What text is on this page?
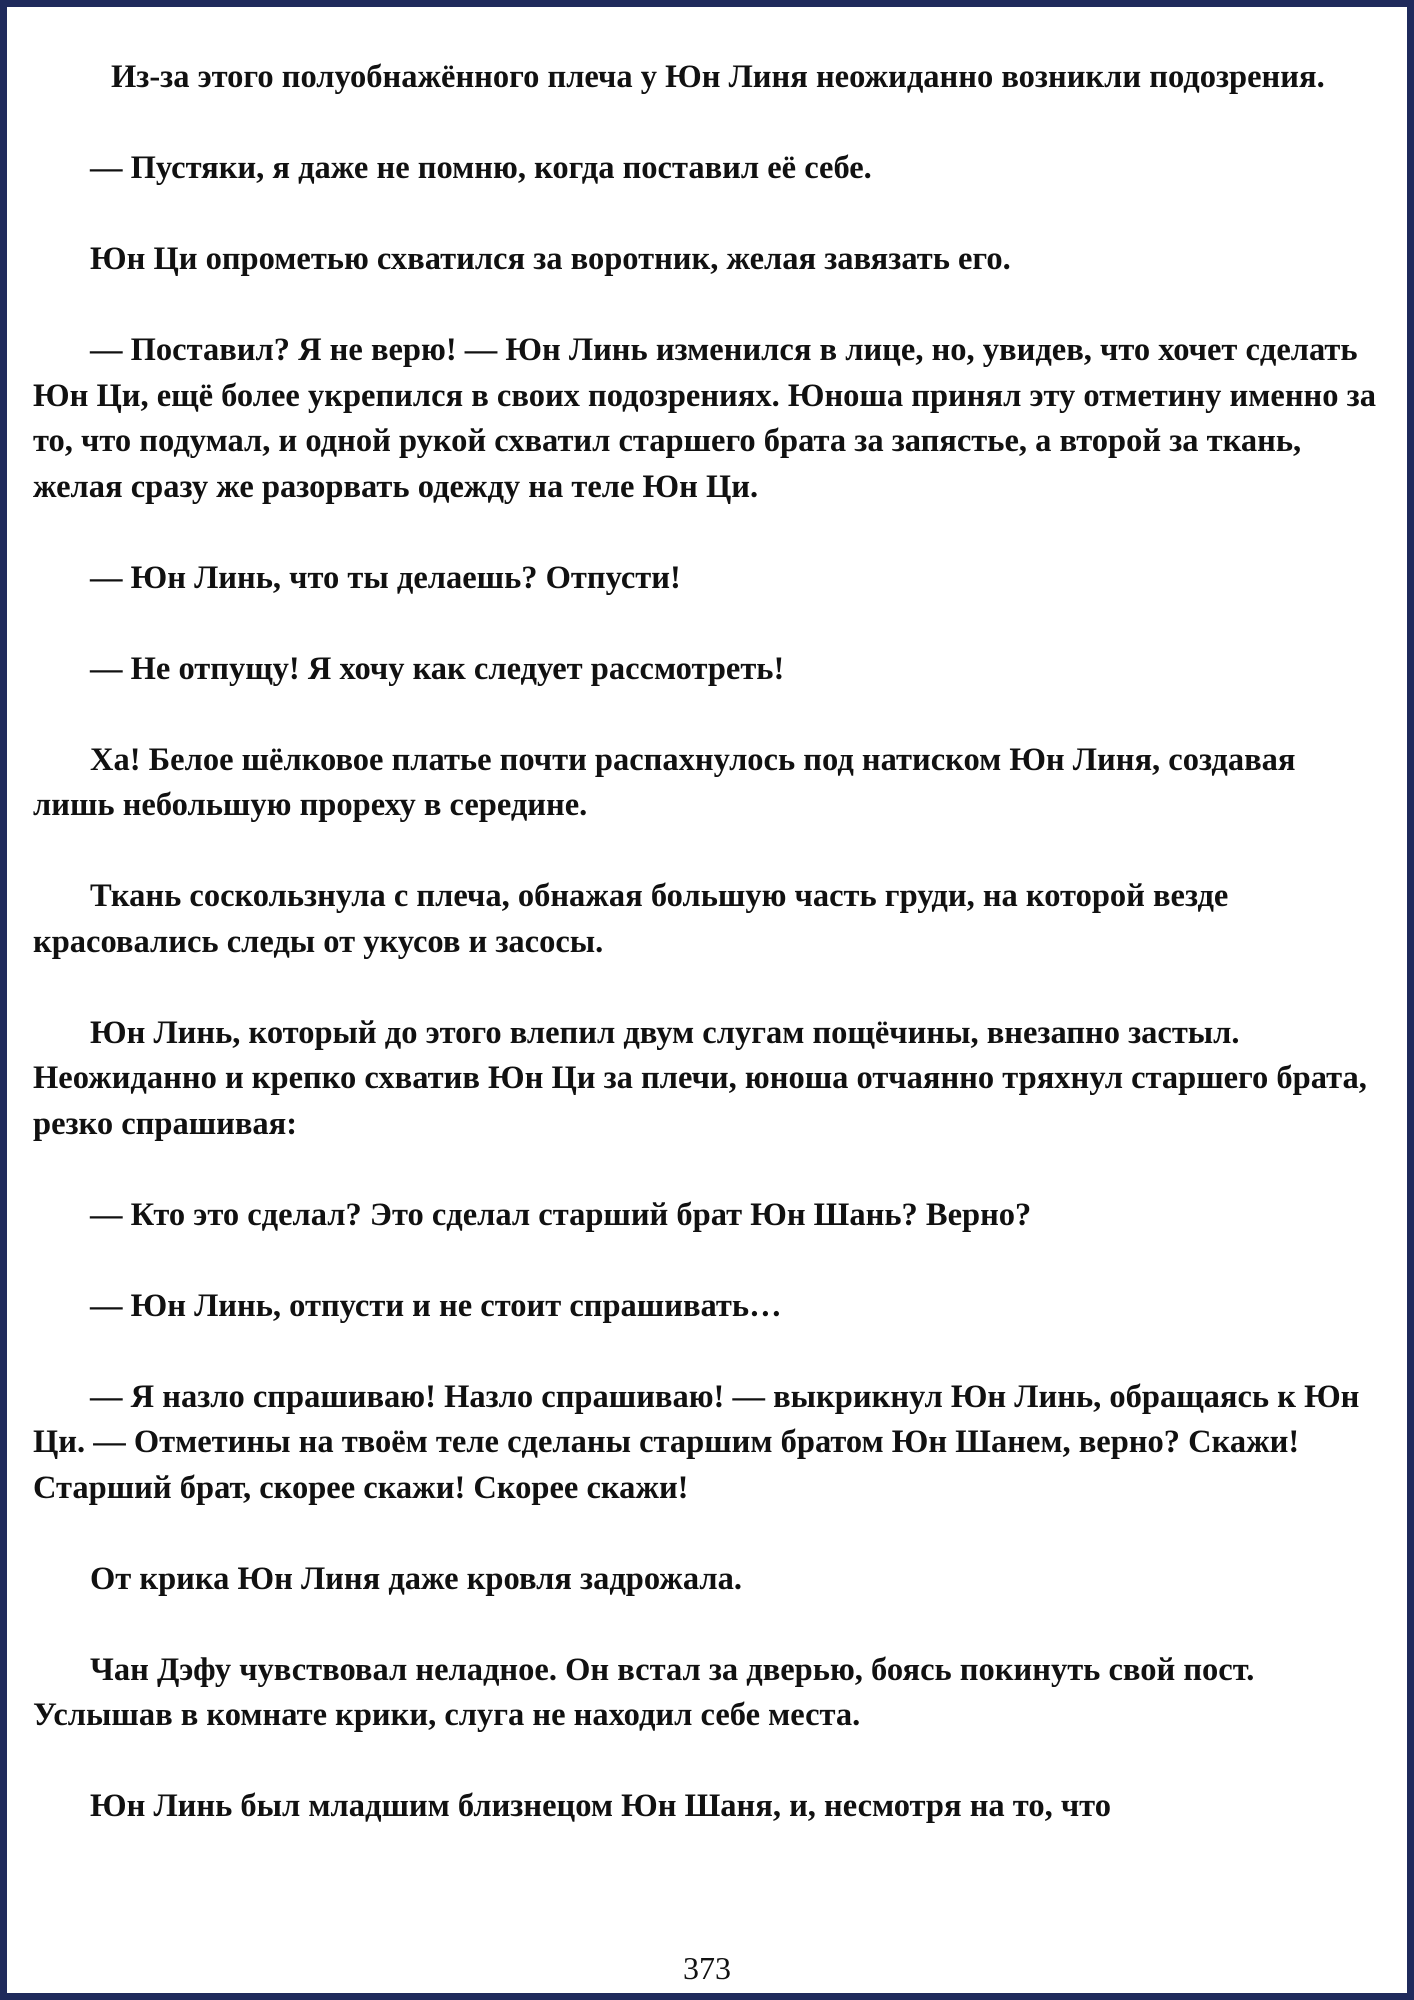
Из-за этого полуобнажённого плеча у Юн Линя неожиданно возникли подозрения.

— Пустяки, я даже не помню, когда поставил её себе.

Юн Ци опрометью схватился за воротник, желая завязать его.

— Поставил? Я не верю! — Юн Линь изменился в лице, но, увидев, что хочет сделать Юн Ци, ещё более укрепился в своих подозрениях. Юноша принял эту отметину именно за то, что подумал, и одной рукой схватил старшего брата за запястье, а второй за ткань, желая сразу же разорвать одежду на теле Юн Ци.

— Юн Линь, что ты делаешь? Отпусти!

— Не отпущу! Я хочу как следует рассмотреть!

Ха! Белое шёлковое платье почти распахнулось под натиском Юн Линя, создавая лишь небольшую прореху в середине.

Ткань соскользнула с плеча, обнажая большую часть груди, на которой везде красовались следы от укусов и засосы.

Юн Линь, который до этого влепил двум слугам пощёчины, внезапно застыл. Неожиданно и крепко схватив Юн Ци за плечи, юноша отчаянно тряхнул старшего брата, резко спрашивая:

— Кто это сделал? Это сделал старший брат Юн Шань? Верно?

— Юн Линь, отпусти и не стоит спрашивать…

— Я назло спрашиваю! Назло спрашиваю! — выкрикнул Юн Линь, обращаясь к Юн Ци. — Отметины на твоём теле сделаны старшим братом Юн Шанем, верно? Скажи! Старший брат, скорее скажи! Скорее скажи!

От крика Юн Линя даже кровля задрожала.

Чан Дэфу чувствовал неладное. Он встал за дверью, боясь покинуть свой пост. Услышав в комнате крики, слуга не находил себе места.

Юн Линь был младшим близнецом Юн Шаня, и, несмотря на то, что

373
